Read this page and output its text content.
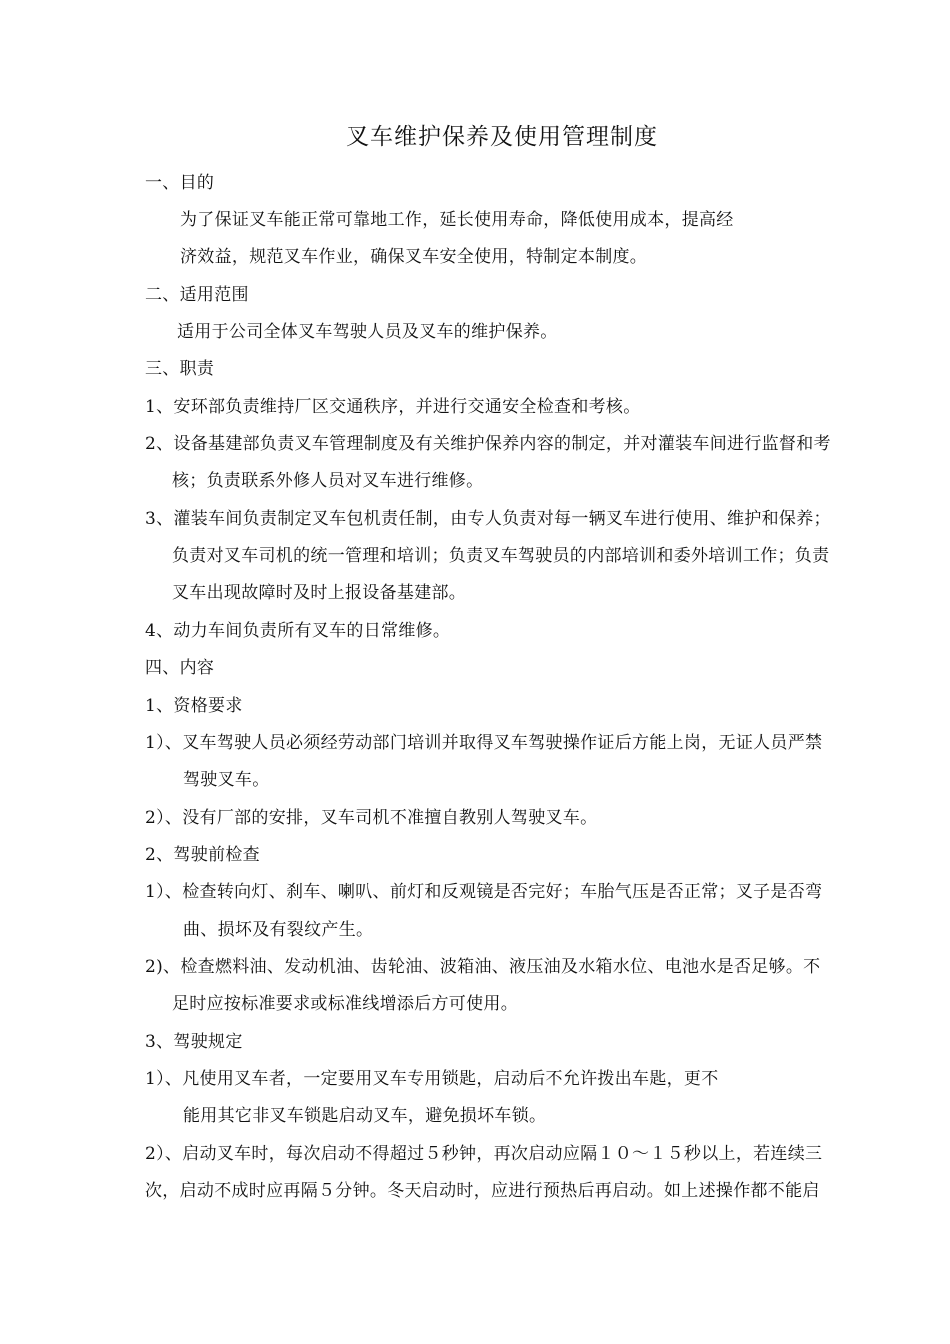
叉车维护保养及使用管理制度
一、目的
为了保证叉车能正常可靠地工作，延长使用寿命，降低使用成本，提高经
济效益，规范叉车作业，确保叉车安全使用，特制定本制度。
二、适用范围
适用于公司全体叉车驾驶人员及叉车的维护保养。
三、职责
1、安环部负责维持厂区交通秩序，并进行交通安全检查和考核。
2、设备基建部负责叉车管理制度及有关维护保养内容的制定，并对灌装车间进行监督和考
核；负责联系外修人员对叉车进行维修。
3、灌装车间负责制定叉车包机责任制，由专人负责对每一辆叉车进行使用、维护和保养；
负责对叉车司机的统一管理和培训；负责叉车驾驶员的内部培训和委外培训工作；负责
叉车出现故障时及时上报设备基建部。
4、动力车间负责所有叉车的日常维修。
四、内容
1、资格要求
1）、叉车驾驶人员必须经劳动部门培训并取得叉车驾驶操作证后方能上岗，无证人员严禁
驾驶叉车。
2）、没有厂部的安排，叉车司机不准擅自教别人驾驶叉车。
2、驾驶前检查
1）、检查转向灯、刹车、喇叭、前灯和反观镜是否完好；车胎气压是否正常；叉子是否弯
曲、损坏及有裂纹产生。
2)、检查燃料油、发动机油、齿轮油、波箱油、液压油及水箱水位、电池水是否足够。不
足时应按标准要求或标准线增添后方可使用。
3、驾驶规定
1）、凡使用叉车者，一定要用叉车专用锁匙，启动后不允许拨出车匙，更不
能用其它非叉车锁匙启动叉车，避免损坏车锁。
2）、启动叉车时，每次启动不得超过５秒钟，再次启动应隔１０～１５秒以上，若连续三
次，启动不成时应再隔５分钟。冬天启动时，应进行预热后再启动。如上述操作都不能启
